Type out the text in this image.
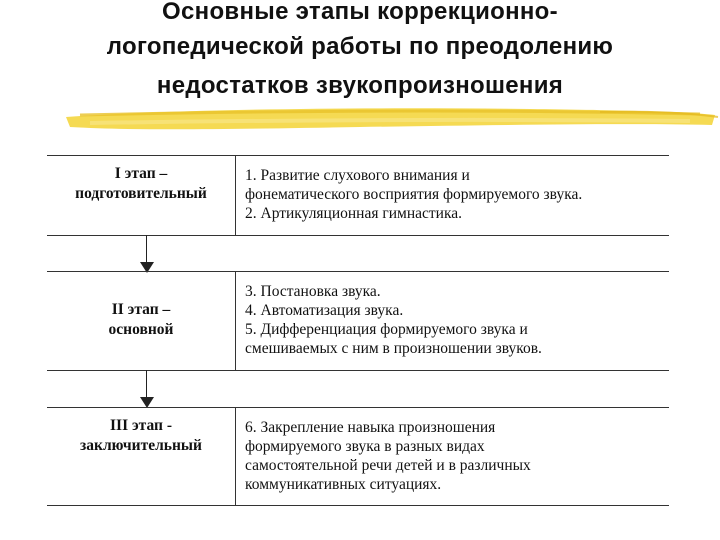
Основные этапы коррекционно-
логопедической работы по преодолению
недостатков звукопроизношения
I этап –
подготовительный
1. Развитие слухового внимания и
фонематического восприятия формируемого звука.
2. Артикуляционная гимнастика.
II этап –
основной
3. Постановка звука.
4. Автоматизация звука.
5. Дифференциация формируемого звука и
смешиваемых с ним в произношении звуков.
III этап -
заключительный
6. Закрепление навыка произношения
формируемого звука в разных видах
самостоятельной речи детей и в различных
коммуникативных ситуациях.
